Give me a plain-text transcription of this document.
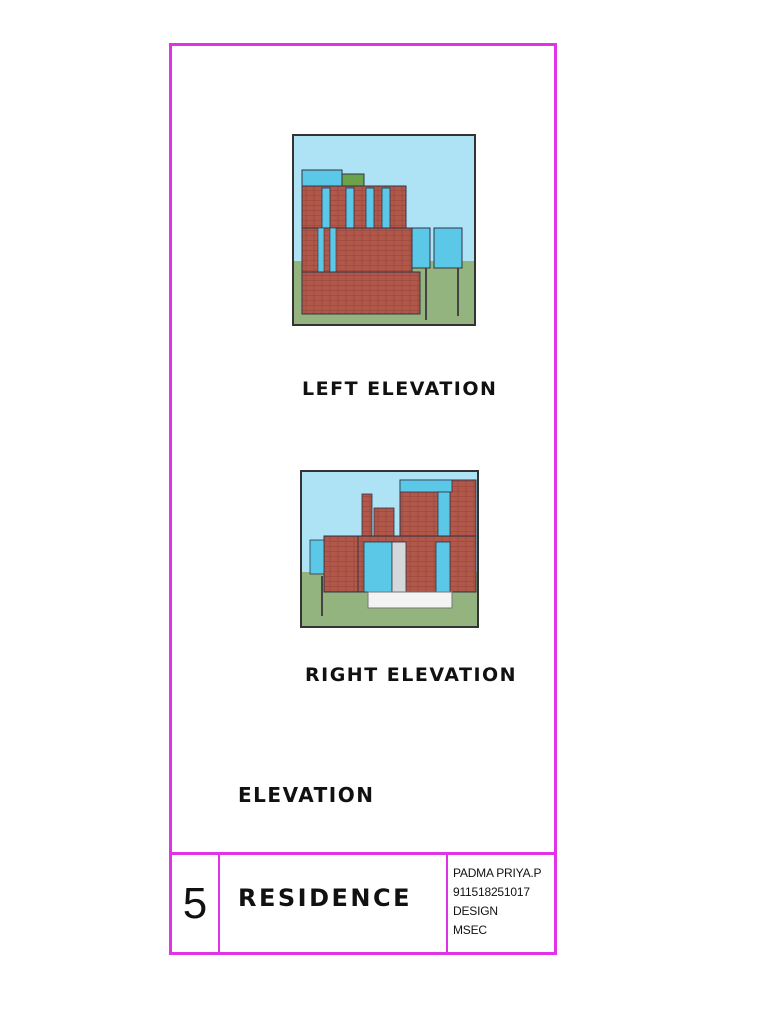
LEFT ELEVATION
RIGHT ELEVATION
ELEVATION
5	RESIDENCE
PADMA PRIYA.P
911518251017
DESIGN
MSEC
